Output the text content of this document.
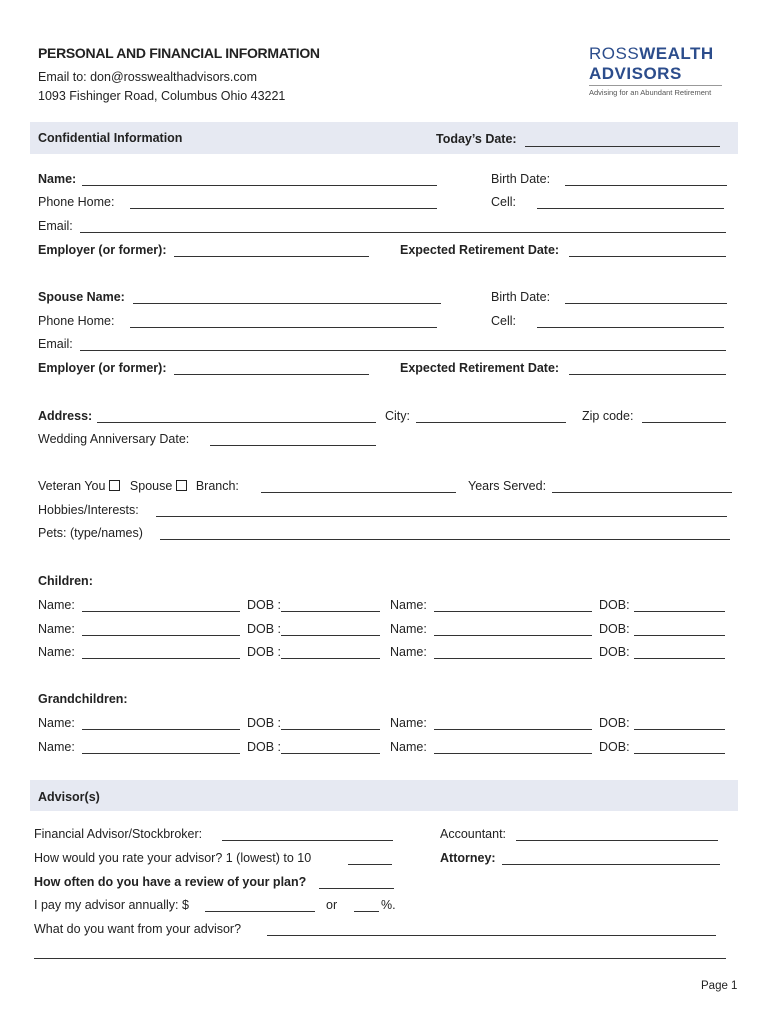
PERSONAL AND FINANCIAL INFORMATION
Email to: don@rosswealthadvisors.com
1093 Fishinger Road, Columbus Ohio 43221
ROSSWEALTH
ADVISORS
Advising for an Abundant Retirement
Confidential Information	Today’s Date:
Name:	Birth Date:
Phone Home:	Cell:
Email:
Employer (or former):	Expected Retirement Date:
Spouse Name:	Birth Date:
Phone Home:	Cell:
Email:
Employer (or former):	Expected Retirement Date:
Address:	City:	Zip code:
Wedding Anniversary Date:
Veteran You Spouse Branch:	Years Served:
Hobbies/Interests:
Pets: (type/names)
Children:
Name:	DOB :	Name:	DOB:
Name:	DOB :	Name:	DOB:
Name:	DOB :	Name:	DOB:
Grandchildren:
Name:	DOB :	Name:	DOB:
Name:	DOB :	Name:	DOB:
Advisor(s)
Financial Advisor/Stockbroker:	Accountant:
How would you rate your advisor? 1 (lowest) to 10	Attorney:
How often do you have a review of your plan?
I pay my advisor annually: $	or	%.
What do you want from your advisor?
Page 1
